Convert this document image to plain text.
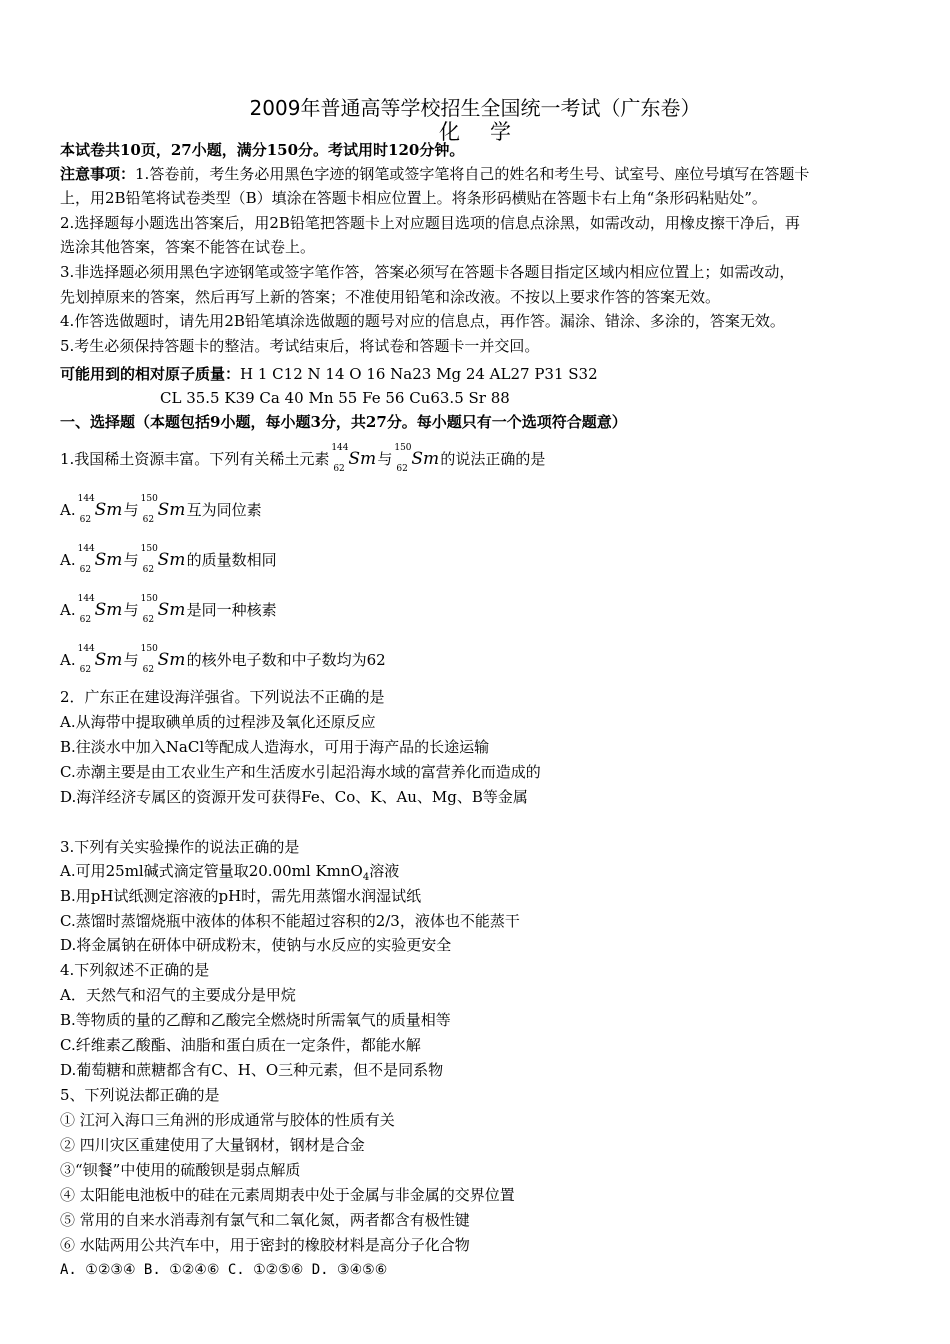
2009年普通高等学校招生全国统一考试（广东卷）
化学
本试卷共10页，27小题，满分150分。考试用时120分钟。
注意事项：1.答卷前，考生务必用黑色字迹的钢笔或签字笔将自己的姓名和考生号、试室号、座位号填写在答题卡
上，用2B铅笔将试卷类型（B）填涂在答题卡相应位置上。将条形码横贴在答题卡右上角“条形码粘贴处”。
2.选择题每小题选出答案后，用2B铅笔把答题卡上对应题目选项的信息点涂黑，如需改动，用橡皮擦干净后，再
选涂其他答案，答案不能答在试卷上。
3.非选择题必须用黑色字迹钢笔或签字笔作答，答案必须写在答题卡各题目指定区域内相应位置上；如需改动，
先划掉原来的答案，然后再写上新的答案；不准使用铅笔和涂改液。不按以上要求作答的答案无效。
4.作答选做题时，请先用2B铅笔填涂选做题的题号对应的信息点，再作答。漏涂、错涂、多涂的，答案无效。
5.考生必须保持答题卡的整洁。考试结束后，将试卷和答题卡一并交回。
可能用到的相对原子质量：H 1 C12 N 14 O 16 Na23 Mg 24 AL27 P31 S32
CL 35.5 K39 Ca 40 Mn 55 Fe 56 Cu63.5 Sr 88
一、选择题（本题包括9小题，每小题3分，共27分。每小题只有一个选项符合题意）
1.我国稀土资源丰富。下列有关稀土元素
144
62 Sm 与
150
62 Sm 的说法正确的是
A.
144
62 Sm 与
150
62 Sm 互为同位素
A.
144
62 Sm 与
150
62 Sm 的质量数相同
A.
144
62 Sm 与
150
62 Sm 是同一种核素
A.
144
62 Sm 与
150
62 Sm 的核外电子数和中子数均为62
2．广东正在建设海洋强省。下列说法不正确的是
A.从海带中提取碘单质的过程涉及氧化还原反应
B.往淡水中加入NaCl等配成人造海水，可用于海产品的长途运输
C.赤潮主要是由工农业生产和生活废水引起沿海水域的富营养化而造成的
D.海洋经济专属区的资源开发可获得Fe、Co、K、Au、Mg、B等金属
3.下列有关实验操作的说法正确的是
A.可用25ml碱式滴定管量取20.00ml KmnO$_4$溶液
B.用pH试纸测定溶液的pH时，需先用蒸馏水润湿试纸
C.蒸馏时蒸馏烧瓶中液体的体积不能超过容积的2/3，液体也不能蒸干
D.将金属钠在研体中研成粉末，使钠与水反应的实验更安全
4.下列叙述不正确的是
A．天然气和沼气的主要成分是甲烷
B.等物质的量的乙醇和乙酸完全燃烧时所需氧气的质量相等
C.纤维素乙酸酯、油脂和蛋白质在一定条件，都能水解
D.葡萄糖和蔗糖都含有C、H、O三种元素，但不是同系物
5、下列说法都正确的是
① 江河入海口三角洲的形成通常与胶体的性质有关
② 四川灾区重建使用了大量钢材，钢材是合金
③“钡餐”中使用的硫酸钡是弱点解质
④ 太阳能电池板中的硅在元素周期表中处于金属与非金属的交界位置
⑤ 常用的自来水消毒剂有氯气和二氧化氮，两者都含有极性键
⑥ 水陆两用公共汽车中，用于密封的橡胶材料是高分子化合物
A. ①②③④ B. ①②④⑥ C. ①②⑤⑥ D. ③④⑤⑥
